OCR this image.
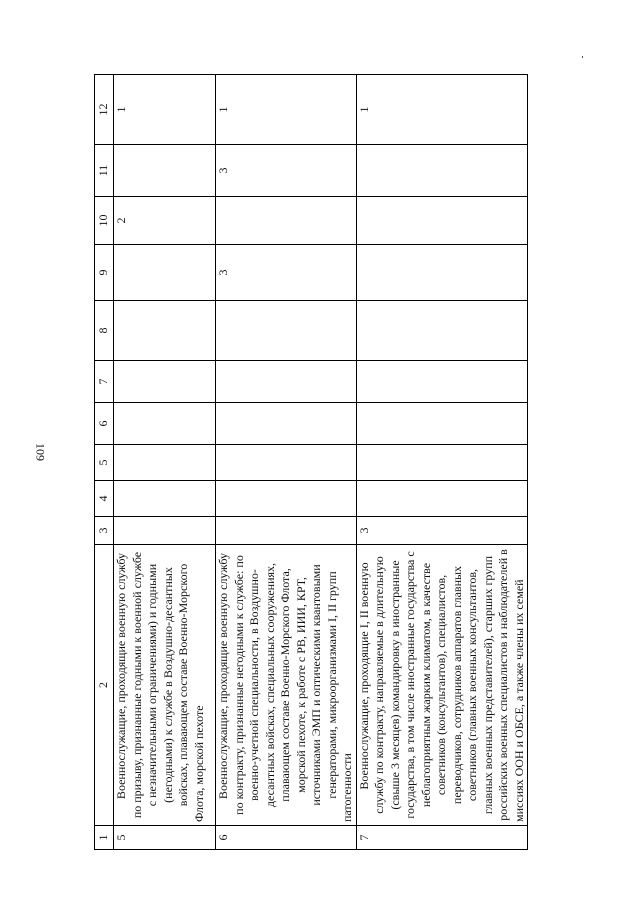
109
1	2	3	4	5	6	7	8	9	10	11	12
5	Военнослужащие, проходящие военную службу по призыву, признанные годными к военной службе с незначительными ограничениями) и годными (негодными) к службе в Воздушно-десантных войсках, плавающем составе Военно-Морского Флота, морской пехоте								2		1
6	Военнослужащие, проходящие военную службу по контракту, признанные негодными к службе: по военно-учетной специальности, в Воздушно-десантных войсках, специальных сооружениях, плавающем составе Военно-Морского Флота, морской пехоте, к работе с РВ, ИИИ, КРТ, источниками ЭМП и оптическими квантовыми генераторами, микроорганизмами I, II групп патогенности							3		3	1
7	Военнослужащие, проходящие I, II военную службу по контракту, направляемые в длительную (свыше 3 месяцев) командировку в иностранные государства, в том числе иностранные государства с неблагоприятным жарким климатом, в качестве советников (консультантов), специалистов, переводчиков, сотрудников аппаратов главных советников (главных военных консультантов, главных военных представителей), старших групп российских военных специалистов и наблюдателей в миссиях ООН и ОБСЕ, а также члены их семей	3									1
